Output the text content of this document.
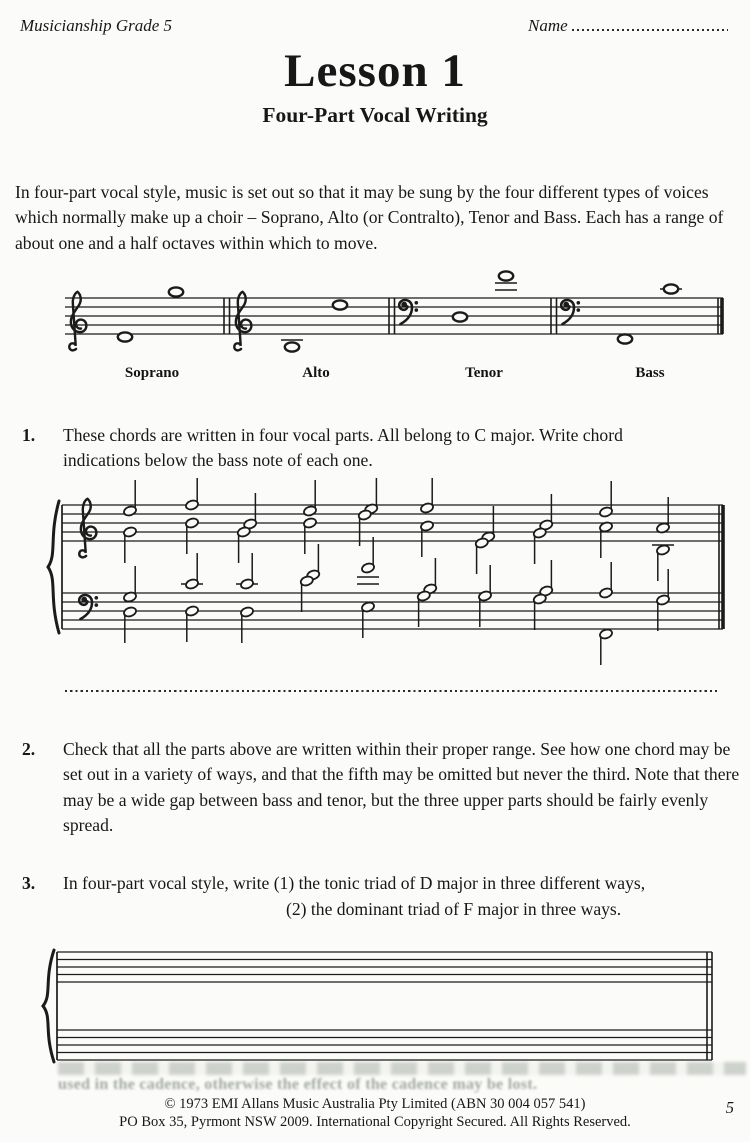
Musicianship Grade 5	Name
Lesson 1
Four-Part Vocal Writing

In four-part vocal style, music is set out so that it may be sung by the four different types of voices which normally make up a choir – Soprano, Alto (or Contralto), Tenor and Bass. Each has a range of about one and a half octaves within which to move.

Soprano	Alto	Tenor	Bass
1.	These chords are written in four vocal parts. All belong to C major. Write chord indications below the bass note of each one.
2.	Check that all the parts above are written within their proper range. See how one chord may be set out in a variety of ways, and that the fifth may be omitted but never the third. Note that there may be a wide gap between bass and tenor, but the three upper parts should be fairly evenly spread.
3.	In four-part vocal style, write (1) the tonic triad of D major in three different ways,
(2) the dominant triad of F major in three ways.
used in the cadence, otherwise the effect of the cadence may be lost.
© 1973 EMI Allans Music Australia Pty Limited (ABN 30 004 057 541)
PO Box 35, Pyrmont NSW 2009. International Copyright Secured. All Rights Reserved.
5
